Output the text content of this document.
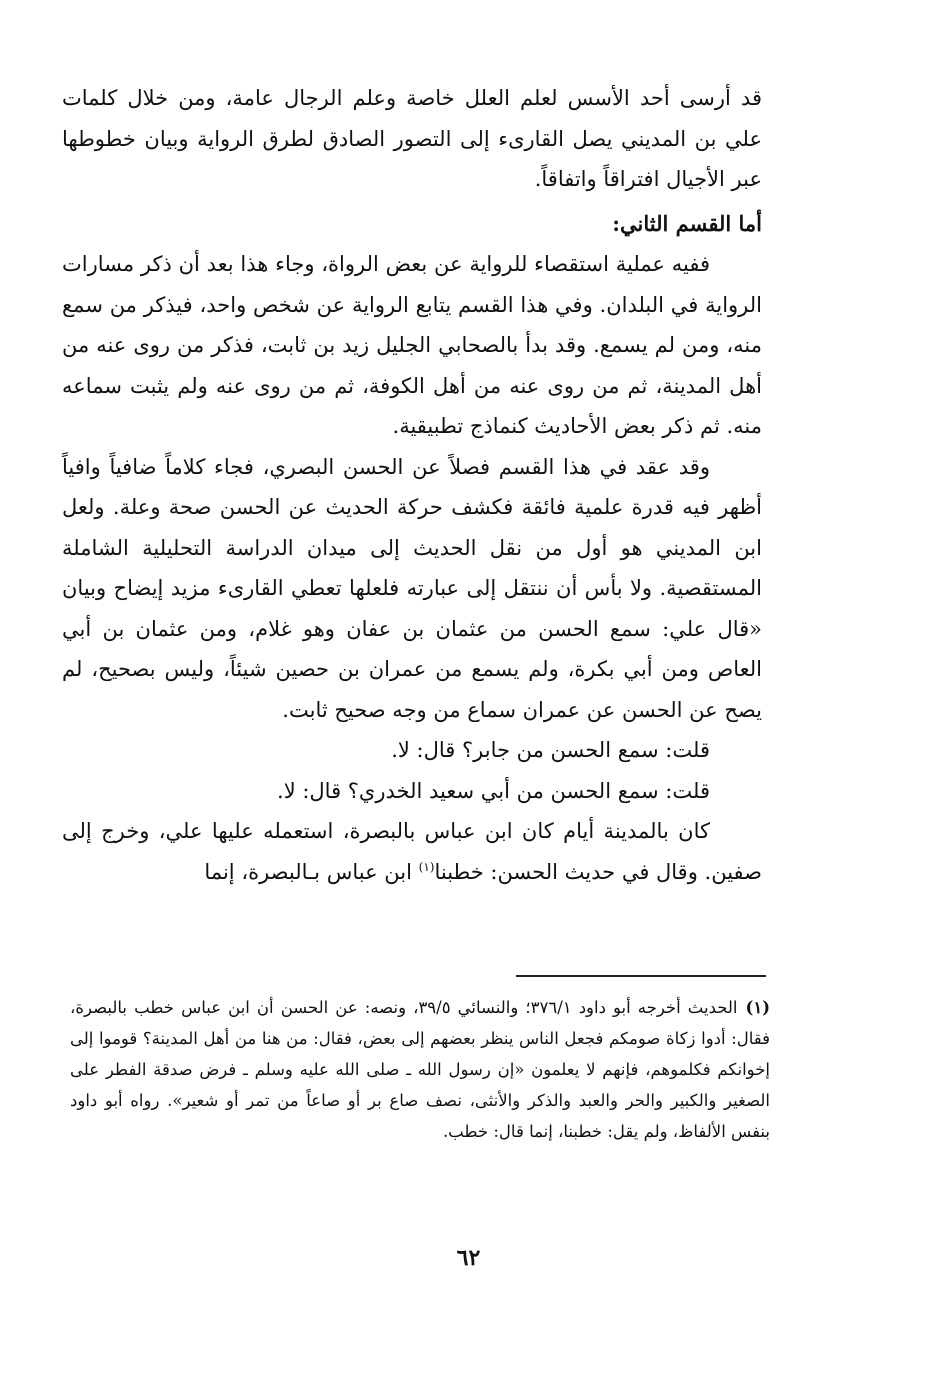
قد أرسى أحد الأسس لعلم العلل خاصة وعلم الرجال عامة، ومن خلال كلمات علي بن المديني يصل القارىء إلى التصور الصادق لطرق الرواية وبيان خطوطها عبر الأجيال افتراقاً واتفاقاً.

أما القسم الثاني:

ففيه عملية استقصاء للرواية عن بعض الرواة، وجاء هذا بعد أن ذكر مسارات الرواية في البلدان. وفي هذا القسم يتابع الرواية عن شخص واحد، فيذكر من سمع منه، ومن لم يسمع. وقد بدأ بالصحابي الجليل زيد بن ثابت، فذكر من روى عنه من أهل المدينة، ثم من روى عنه من أهل الكوفة، ثم من روى عنه ولم يثبت سماعه منه. ثم ذكر بعض الأحاديث كنماذج تطبيقية.

وقد عقد في هذا القسم فصلاً عن الحسن البصري، فجاء كلاماً ضافياً وافياً أظهر فيه قدرة علمية فائقة فكشف حركة الحديث عن الحسن صحة وعلة. ولعل ابن المديني هو أول من نقل الحديث إلى ميدان الدراسة التحليلية الشاملة المستقصية. ولا بأس أن ننتقل إلى عبارته فلعلها تعطي القارىء مزيد إيضاح وبيان «قال علي: سمع الحسن من عثمان بن عفان وهو غلام، ومن عثمان بن أبي العاص ومن أبي بكرة، ولم يسمع من عمران بن حصين شيئاً، وليس بصحيح، لم يصح عن الحسن عن عمران سماع من وجه صحيح ثابت.

قلت: سمع الحسن من جابر؟ قال: لا.

قلت: سمع الحسن من أبي سعيد الخدري؟ قال: لا.

كان بالمدينة أيام كان ابن عباس بالبصرة، استعمله عليها علي، وخرج إلى صفين. وقال في حديث الحسن: خطبنا$^{(١)}$ ابن عباس بـالبصرة، إنما

(١)الحديث أخرجه أبو داود ٣٧٦/١؛ والنسائي ٣٩/٥، ونصه: عن الحسن أن ابن عباس خطب بالبصرة، فقال: أدوا زكاة صومكم فجعل الناس ينظر بعضهم إلى بعض، فقال: من هنا من أهل المدينة؟ قوموا إلى إخوانكم فكلموهم، فإنهم لا يعلمون «إن رسول الله ـ صلى الله عليه وسلم ـ فرض صدقة الفطر على الصغير والكبير والحر والعبد والذكر والأنثى، نصف صاع بر أو صاعاً من تمر أو شعير». رواه أبو داود بنفس الألفاظ، ولم يقل: خطبنا، إنما قال: خطب.

٦٢
